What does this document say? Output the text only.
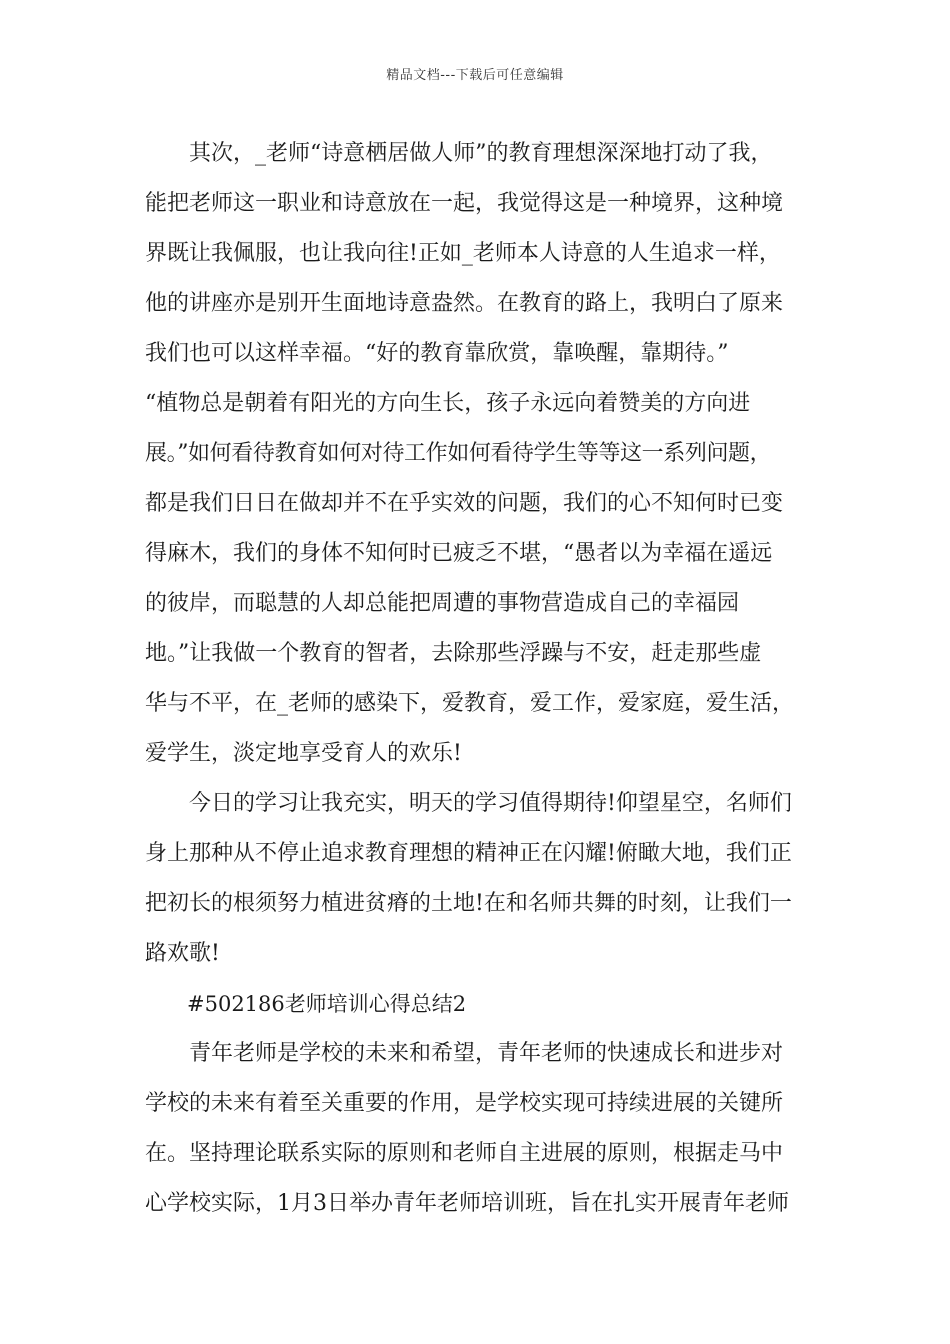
精品文档---下载后可任意编辑
其次，_老师“诗意栖居做人师”的教育理想深深地打动了我，
能把老师这一职业和诗意放在一起，我觉得这是一种境界，这种境
界既让我佩服，也让我向往!正如_老师本人诗意的人生追求一样，
他的讲座亦是别开生面地诗意盎然。在教育的路上，我明白了原来
我们也可以这样幸福。“好的教育靠欣赏，靠唤醒，靠期待。”
“植物总是朝着有阳光的方向生长，孩子永远向着赞美的方向进
展。”如何看待教育如何对待工作如何看待学生等等这一系列问题，
都是我们日日在做却并不在乎实效的问题，我们的心不知何时已变
得麻木，我们的身体不知何时已疲乏不堪，“愚者以为幸福在遥远
的彼岸，而聪慧的人却总能把周遭的事物营造成自己的幸福园
地。”让我做一个教育的智者，去除那些浮躁与不安，赶走那些虚
华与不平，在_老师的感染下，爱教育，爱工作，爱家庭，爱生活，
爱学生，淡定地享受育人的欢乐!
今日的学习让我充实，明天的学习值得期待!仰望星空，名师们
身上那种从不停止追求教育理想的精神正在闪耀!俯瞰大地，我们正
把初长的根须努力植进贫瘠的土地!在和名师共舞的时刻，让我们一
路欢歌!
#502186老师培训心得总结2
青年老师是学校的未来和希望，青年老师的快速成长和进步对
学校的未来有着至关重要的作用，是学校实现可持续进展的关键所
在。坚持理论联系实际的原则和老师自主进展的原则，根据走马中
心学校实际，1月3日举办青年老师培训班，旨在扎实开展青年老师
